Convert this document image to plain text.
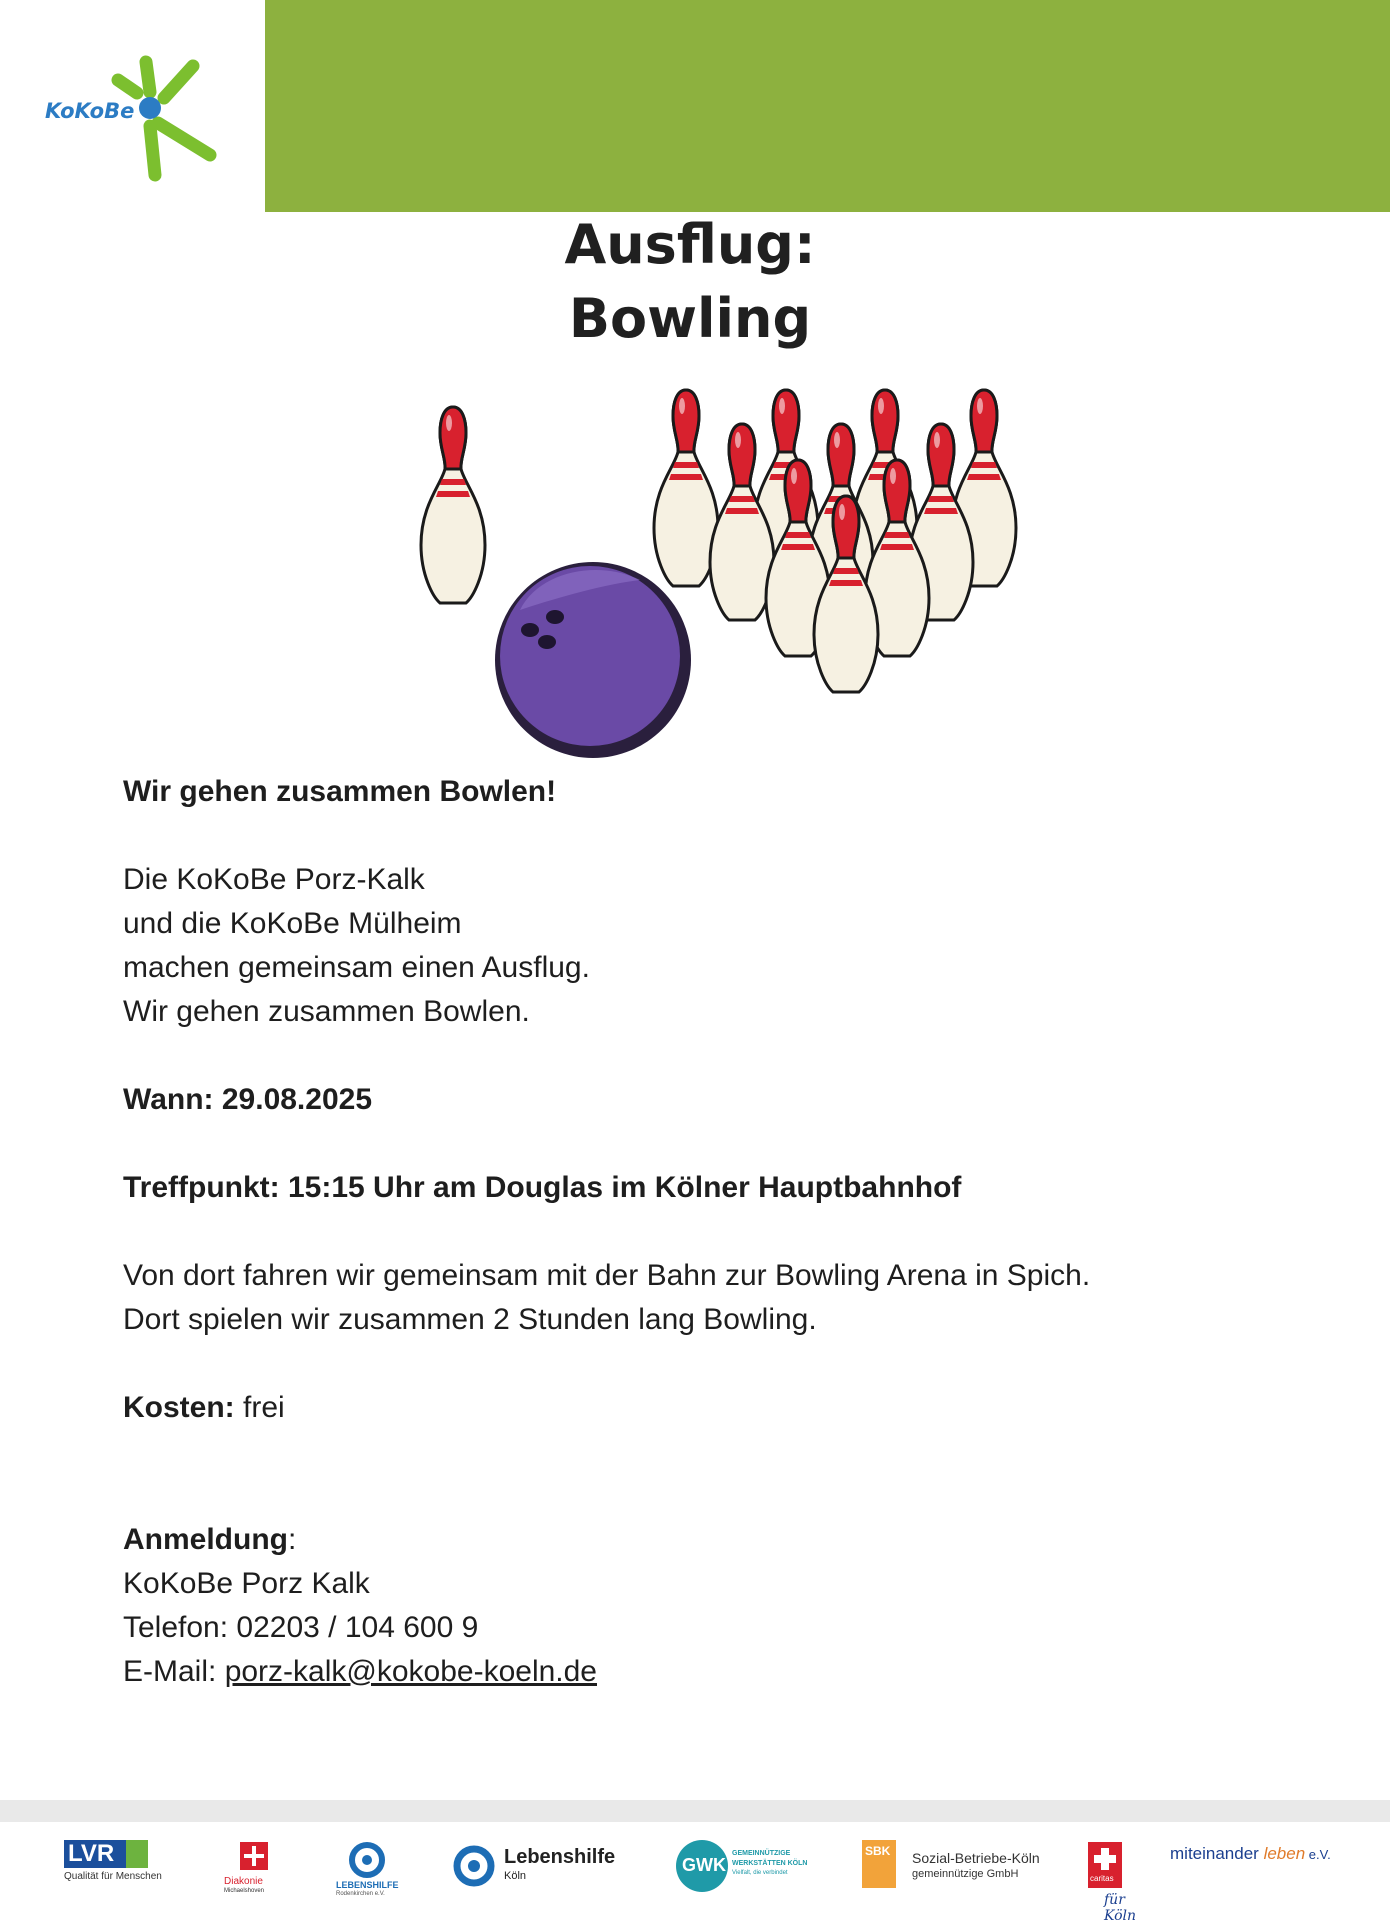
KoKoBe
Ausflug:
Bowling

Wir gehen zusammen Bowlen!

Die KoKoBe Porz-Kalk

und die KoKoBe Mülheim

machen gemeinsam einen Ausflug.

Wir gehen zusammen Bowlen.

Wann: 29.08.2025

Treffpunkt: 15:15 Uhr am Douglas im Kölner Hauptbahnhof

Von dort fahren wir gemeinsam mit der Bahn zur Bowling Arena in Spich.

Dort spielen wir zusammen 2 Stunden lang Bowling.

Kosten: frei

Anmeldung:

KoKoBe Porz Kalk

Telefon: 02203 / 104 600 9

E-Mail: porz-kalk@kokobe-koeln.de

LVR
Qualität für Menschen	Diakonie
Michaelshoven
LEBENSHILFE
Rodenkirchen e.V.
Lebenshilfe
Köln
GWK
GEMEINNÜTZIGE
WERKSTÄTTEN KÖLN
Vielfalt, die verbindet
SBK Sozial-Betriebe-Köln
gemeinnützige GmbH	caritas
für Köln
miteinander leben e.V.
